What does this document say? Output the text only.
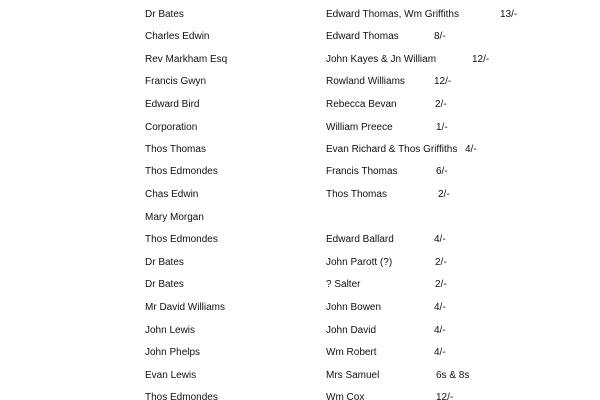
Dr Bates	Edward Thomas, Wm Griffiths	13/-
Charles Edwin	Edward Thomas	8/-
Rev Markham Esq	John Kayes & Jn William	12/-
Francis Gwyn	Rowland Williams	12/-
Edward Bird	Rebecca Bevan	2/-
Corporation	William Preece	1/-
Thos Thomas	Evan Richard & Thos Griffiths 4/-
Thos Edmondes	Francis Thomas	6/-
Chas Edwin	Thos Thomas	2/-
Mary Morgan
Thos Edmondes	Edward Ballard	4/-
Dr Bates	John Parott (?)	2/-
Dr Bates	? Salter	2/-
Mr David Williams	John Bowen	4/-
John Lewis	John David	4/-
John Phelps	Wm Robert	4/-
Evan Lewis	Mrs Samuel	6s & 8s
Thos Edmondes	Wm Cox	12/-
